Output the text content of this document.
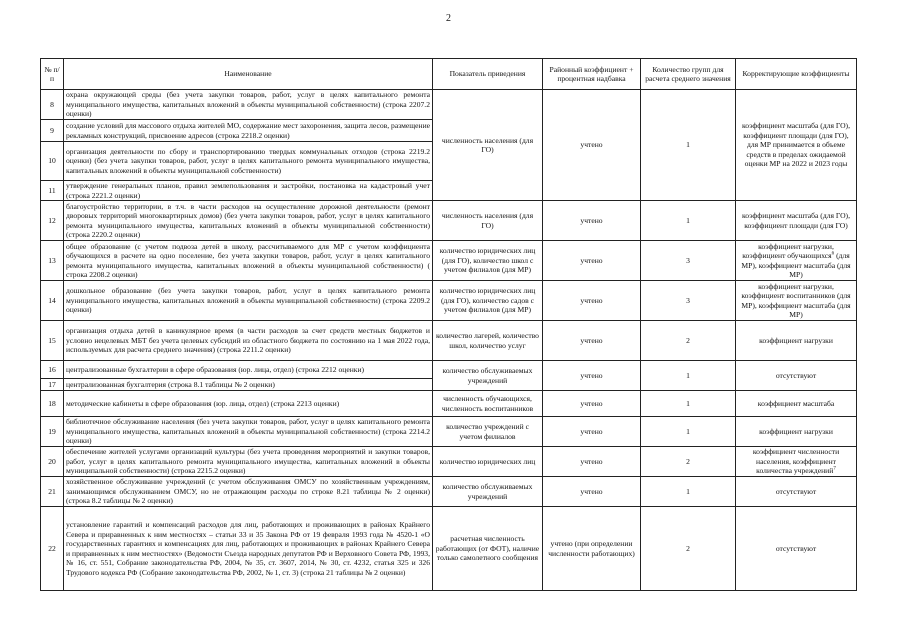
2
№ п/п	Наименование	Показатель приведения	Районный коэффициент + процентная надбавка	Количество групп для расчета среднего значения	Корректирующие коэффициенты
8	охрана окружающей среды (без учета закупки товаров, работ, услуг в целях капитального ремонта муниципального имущества, капитальных вложений в объекты муниципальной собственности) (строка 2207.2 оценки)	численность населения (для ГО)	учтено	1	коэффициент масштаба (для ГО), коэффициент площади (для ГО), для МР принимается в объеме средств в пределах ожидаемой оценки МР на 2022 и 2023 годы
9	создание условий для массового отдыха жителей МО, содержание мест захоронения, защита лесов, размещение рекламных конструкций, присвоение адресов (строка 2218.2 оценки)				
10	организация деятельности по сбору и транспортированию твердых коммунальных отходов (строка 2219.2 оценки) (без учета закупки товаров, работ, услуг в целях капитального ремонта муниципального имущества, капитальных вложений в объекты муниципальной собственности)				
11	утверждение генеральных планов, правил землепользования и застройки, постановка на кадастровый учет (строка 2221.2 оценки)				
12	благоустройство территории, в т.ч. в части расходов на осуществление дорожной деятельности (ремонт дворовых территорий многоквартирных домов) (без учета закупки товаров, работ, услуг в целях капитального ремонта муниципального имущества, капитальных вложений в объекты муниципальной собственности) (строка 2220.2 оценки)	численность населения (для ГО)	учтено	1	коэффициент масштаба (для ГО), коэффициент площади (для ГО)
13	общее образование (с учетом подвоза детей в школу, рассчитываемого для МР с учетом коэффициента обучающихся в расчете на одно поселение, без учета закупки товаров, работ, услуг в целях капитального ремонта муниципального имущества, капитальных вложений в объекты муниципальной собственности) ( строка 2208.2 оценки)	количество юридических лиц (для ГО), количество школ с учетом филиалов (для МР)	учтено	3	коэффициент нагрузки, коэффициент обучающихся$^6$ (для МР), коэффициент масштаба (для МР)
14	дошкольное образование (без учета закупки товаров, работ, услуг в целях капитального ремонта муниципального имущества, капитальных вложений в объекты муниципальной собственности) (строка 2209.2 оценки)	количество юридических лиц (для ГО), количество садов с учетом филиалов (для МР)	учтено	3	коэффициент нагрузки, коэффициент воспитанников (для МР), коэффициент масштаба (для МР)
15	организация отдыха детей в каникулярное время (в части расходов за счет средств местных бюджетов и условно нецелевых МБТ без учета целевых субсидий из областного бюджета по состоянию на 1 мая 2022 года, используемых для расчета среднего значения) (строка 2211.2 оценки)	количество лагерей, количество школ, количество услуг	учтено	2	коэффициент нагрузки
16	централизованные бухгалтерии в сфере образования (юр. лица, отдел) (строка 2212 оценки)	количество обслуживаемых учреждений	учтено	1	отсутствуют
17	централизованная бухгалтерия (строка 8.1 таблицы № 2 оценки)				
18	методические кабинеты в сфере образования (юр. лица, отдел) (строка 2213 оценки)	численность обучающихся, численность воспитанников	учтено	1	коэффициент масштаба
19	библиотечное обслуживание населения (без учета закупки товаров, работ, услуг в целях капитального ремонта муниципального имущества, капитальных вложений в объекты муниципальной собственности) (строка 2214.2 оценки)	количество учреждений с учетом филиалов	учтено	1	коэффициент нагрузки
20	обеспечение жителей услугами организаций культуры (без учета проведения мероприятий и закупки товаров, работ, услуг в целях капитального ремонта муниципального имущества, капитальных вложений в объекты муниципальной собственности) (строка 2215.2 оценки)	количество юридических лиц	учтено	2	коэффициент численности населения, коэффициент количества учреждений$^7$
21	хозяйственное обслуживание учреждений (с учетом обслуживания ОМСУ по хозяйственным учреждениям, занимающимся обслуживанием ОМСУ, но не отражающим расходы по строке 8.21 таблицы № 2 оценки) (строка 8.2 таблицы № 2 оценки)	количество обслуживаемых учреждений	учтено	1	отсутствуют
22	установление гарантий и компенсаций расходов для лиц, работающих и проживающих в районах Крайнего Севера и приравненных к ним местностях – статьи 33 и 35 Закона РФ от 19 февраля 1993 года № 4520-1 «О государственных гарантиях и компенсациях для лиц, работающих и проживающих в районах Крайнего Севера и приравненных к ним местностях» (Ведомости Съезда народных депутатов РФ и Верховного Совета РФ, 1993, № 16, ст. 551, Собрание законодательства РФ, 2004, № 35, ст. 3607, 2014, № 30, ст. 4232, статья 325 и 326 Трудового кодекса РФ (Собрание законодательства РФ, 2002, № 1, ст. 3) (строка 21 таблицы № 2 оценки)	расчетная численность работающих (от ФОТ), наличие только самолетного сообщения	учтено (при определении численности работающих)	2	отсутствуют
